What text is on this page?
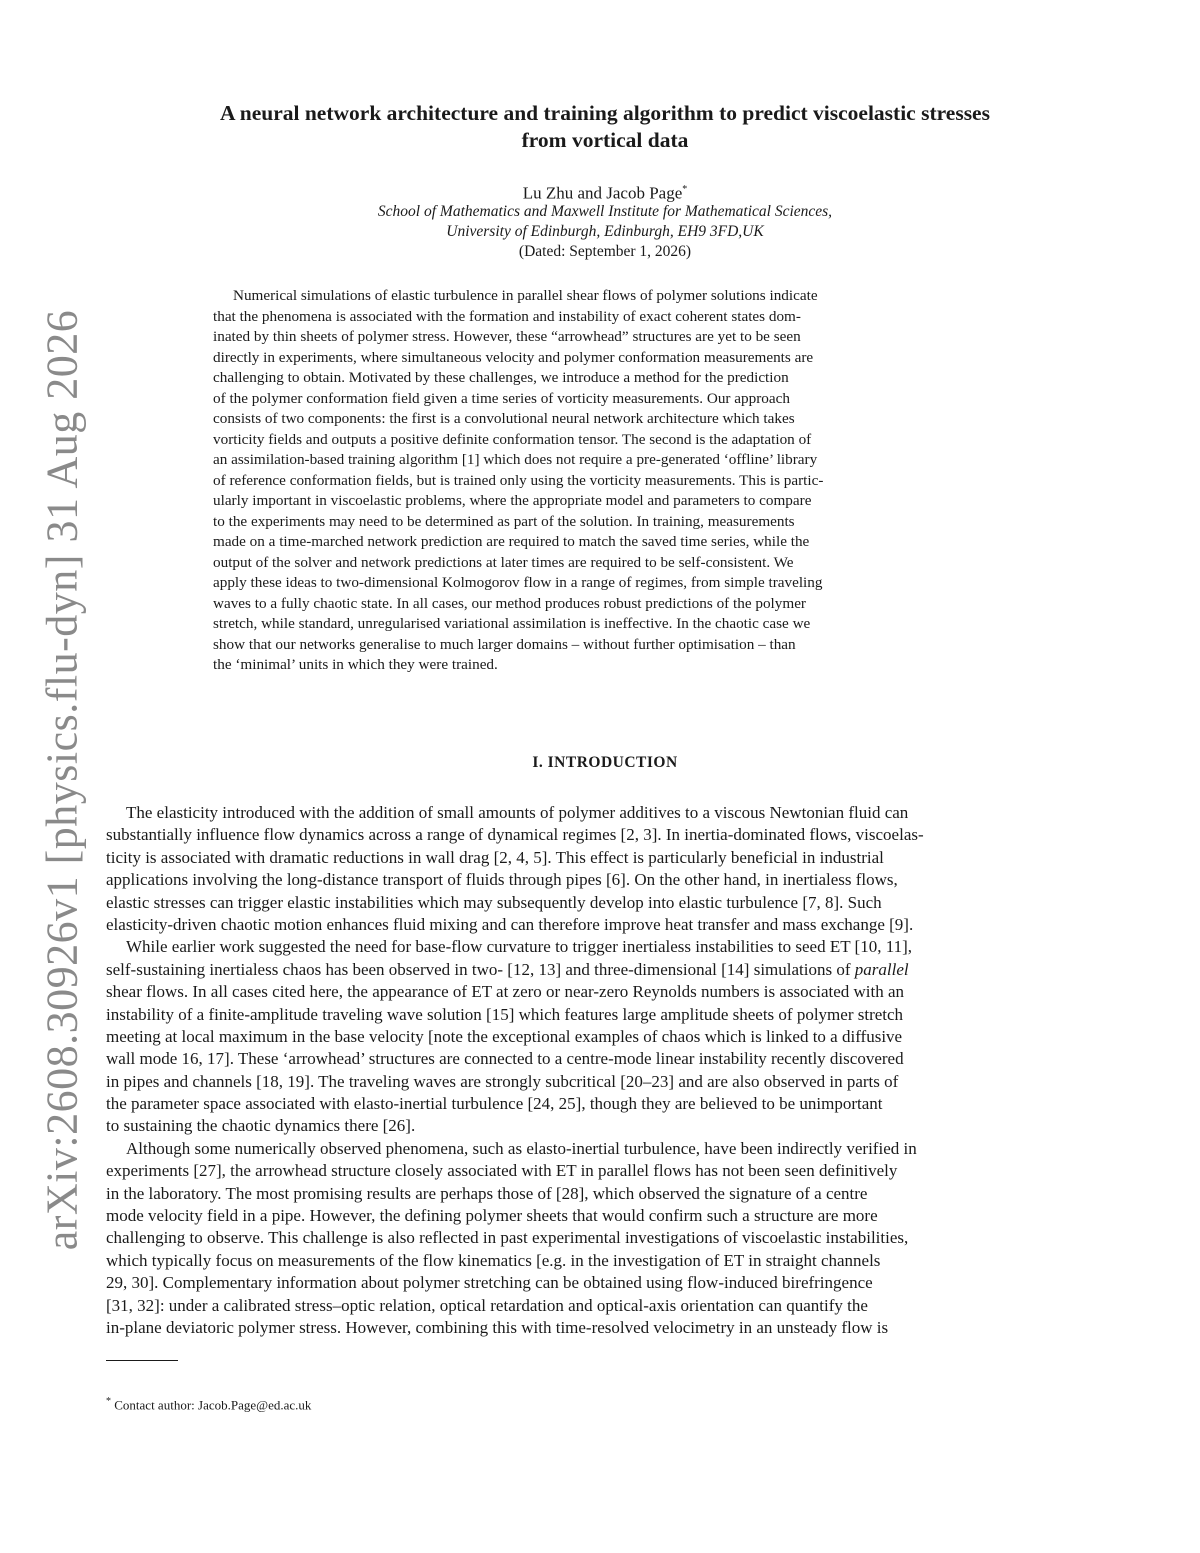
arXiv:2608.30926v1 [physics.flu-dyn] 31 Aug 2026
A neural network architecture and training algorithm to predict viscoelastic stresses
from vortical data
Lu Zhu and Jacob Page*
School of Mathematics and Maxwell Institute for Mathematical Sciences,
University of Edinburgh, Edinburgh, EH9 3FD,UK
(Dated: September 1, 2026)
Numerical simulations of elastic turbulence in parallel shear flows of polymer solutions indicate
that the phenomena is associated with the formation and instability of exact coherent states dom-
inated by thin sheets of polymer stress. However, these “arrowhead” structures are yet to be seen
directly in experiments, where simultaneous velocity and polymer conformation measurements are
challenging to obtain. Motivated by these challenges, we introduce a method for the prediction
of the polymer conformation field given a time series of vorticity measurements. Our approach
consists of two components: the first is a convolutional neural network architecture which takes
vorticity fields and outputs a positive definite conformation tensor. The second is the adaptation of
an assimilation-based training algorithm [1] which does not require a pre-generated ‘offline’ library
of reference conformation fields, but is trained only using the vorticity measurements. This is partic-
ularly important in viscoelastic problems, where the appropriate model and parameters to compare
to the experiments may need to be determined as part of the solution. In training, measurements
made on a time-marched network prediction are required to match the saved time series, while the
output of the solver and network predictions at later times are required to be self-consistent. We
apply these ideas to two-dimensional Kolmogorov flow in a range of regimes, from simple traveling
waves to a fully chaotic state. In all cases, our method produces robust predictions of the polymer
stretch, while standard, unregularised variational assimilation is ineffective. In the chaotic case we
show that our networks generalise to much larger domains – without further optimisation – than
the ‘minimal’ units in which they were trained.
I. INTRODUCTION
The elasticity introduced with the addition of small amounts of polymer additives to a viscous Newtonian fluid can
substantially influence flow dynamics across a range of dynamical regimes [2, 3]. In inertia-dominated flows, viscoelas-
ticity is associated with dramatic reductions in wall drag [2, 4, 5]. This effect is particularly beneficial in industrial
applications involving the long-distance transport of fluids through pipes [6]. On the other hand, in inertialess flows,
elastic stresses can trigger elastic instabilities which may subsequently develop into elastic turbulence [7, 8]. Such
elasticity-driven chaotic motion enhances fluid mixing and can therefore improve heat transfer and mass exchange [9].
While earlier work suggested the need for base-flow curvature to trigger inertialess instabilities to seed ET [10, 11],
self-sustaining inertialess chaos has been observed in two- [12, 13] and three-dimensional [14] simulations of parallel
shear flows. In all cases cited here, the appearance of ET at zero or near-zero Reynolds numbers is associated with an
instability of a finite-amplitude traveling wave solution [15] which features large amplitude sheets of polymer stretch
meeting at local maximum in the base velocity [note the exceptional examples of chaos which is linked to a diffusive
wall mode 16, 17]. These ‘arrowhead’ structures are connected to a centre-mode linear instability recently discovered
in pipes and channels [18, 19]. The traveling waves are strongly subcritical [20–23] and are also observed in parts of
the parameter space associated with elasto-inertial turbulence [24, 25], though they are believed to be unimportant
to sustaining the chaotic dynamics there [26].
Although some numerically observed phenomena, such as elasto-inertial turbulence, have been indirectly verified in
experiments [27], the arrowhead structure closely associated with ET in parallel flows has not been seen definitively
in the laboratory. The most promising results are perhaps those of [28], which observed the signature of a centre
mode velocity field in a pipe. However, the defining polymer sheets that would confirm such a structure are more
challenging to observe. This challenge is also reflected in past experimental investigations of viscoelastic instabilities,
which typically focus on measurements of the flow kinematics [e.g. in the investigation of ET in straight channels
29, 30]. Complementary information about polymer stretching can be obtained using flow-induced birefringence
[31, 32]: under a calibrated stress–optic relation, optical retardation and optical-axis orientation can quantify the
in-plane deviatoric polymer stress. However, combining this with time-resolved velocimetry in an unsteady flow is
* Contact author: Jacob.Page@ed.ac.uk
